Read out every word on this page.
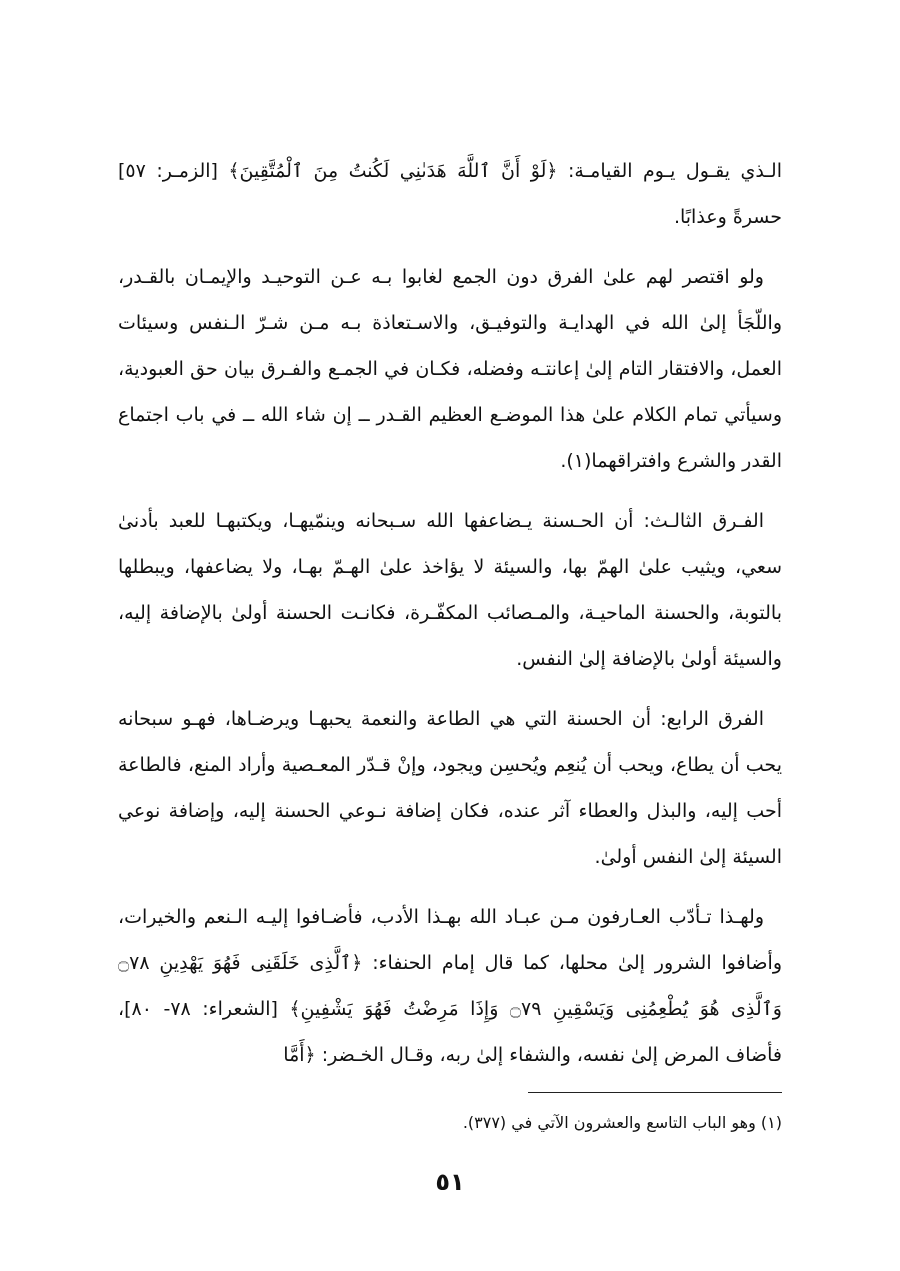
الـذي يقـول يـوم القيامـة: ﴿لَوْ أَنَّ ٱللَّهَ هَدَىٰنِي لَكُنتُ مِنَ ٱلْمُتَّقِينَ﴾ [الزمـر: ٥٧] حسرةً وعذابًا.

ولو اقتصر لهم علىٰ الفرق دون الجمع لغابوا بـه عـن التوحيـد والإيمـان بالقـدر، واللّجَأ إلىٰ الله في الهدايـة والتوفيـق، والاسـتعاذة بـه مـن شـرّ الـنفس وسيئات العمل، والافتقار التام إلىٰ إعانتـه وفضله، فكـان في الجمـع والفـرق بيان حق العبودية، وسيأتي تمام الكلام علىٰ هذا الموضـع العظيم القـدر ــ إن شاء الله ــ في باب اجتماع القدر والشرع وافتراقهما(١).

الفـرق الثالـث: أن الحـسنة يـضاعفها الله سـبحانه وينمّيهـا، ويكتبهـا للعبد بأدنىٰ سعي، ويثيب علىٰ الهمّ بها، والسيئة لا يؤاخذ علىٰ الهـمّ بهـا، ولا يضاعفها، ويبطلها بالتوبة، والحسنة الماحيـة، والمـصائب المكفّـرة، فكانـت الحسنة أولىٰ بالإضافة إليه، والسيئة أولىٰ بالإضافة إلىٰ النفس.

الفرق الرابع: أن الحسنة التي هي الطاعة والنعمة يحبهـا ويرضـاها، فهـو سبحانه يحب أن يطاع، ويحب أن يُنعِم ويُحسِن ويجود، وإنْ قـدّر المعـصية وأراد المنع، فالطاعة أحب إليه، والبذل والعطاء آثر عنده، فكان إضافة نـوعي الحسنة إليه، وإضافة نوعي السيئة إلىٰ النفس أولىٰ.

ولهـذا تـأدّب العـارفون مـن عبـاد الله بهـذا الأدب، فأضـافوا إليـه الـنعم والخيرات، وأضافوا الشرور إلىٰ محلها، كما قال إمام الحنفاء: ﴿ٱلَّذِى خَلَقَنِى فَهُوَ يَهْدِينِ ۝٧٨ وَٱلَّذِى هُوَ يُطْعِمُنِى وَيَسْقِينِ ۝٧٩ وَإِذَا مَرِضْتُ فَهُوَ يَشْفِينِ﴾ [الشعراء: ٧٨- ٨٠]، فأضاف المرض إلىٰ نفسه، والشفاء إلىٰ ربه، وقـال الخـضر: ﴿أَمَّا

(١) وهو الباب التاسع والعشرون الآتي في (٣٧٧).
٥١
